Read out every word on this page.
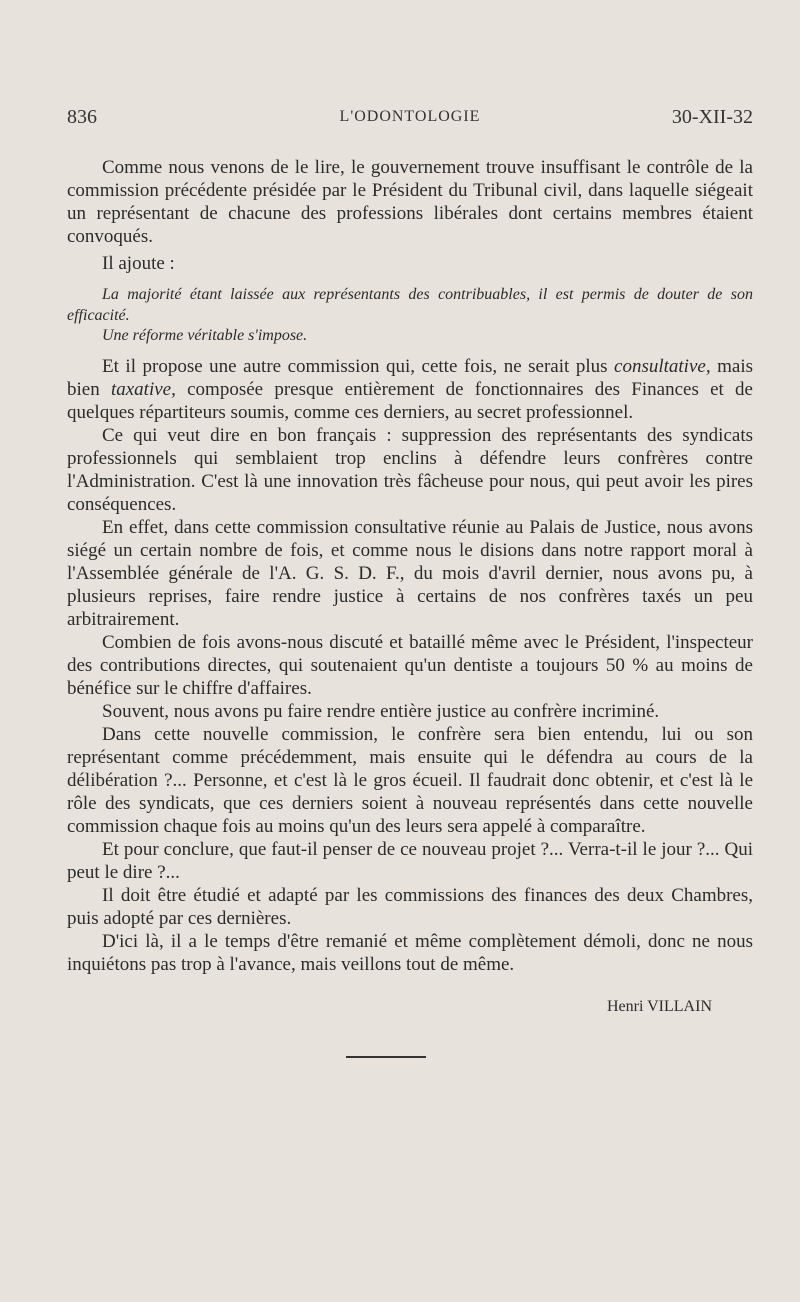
836	L'ODONTOLOGIE	30-XII-32

Comme nous venons de le lire, le gouvernement trouve insuffisant le contrôle de la commission précédente présidée par le Président du Tribunal civil, dans laquelle siégeait un représentant de chacune des professions libérales dont certains membres étaient convoqués.

Il ajoute :

La majorité étant laissée aux représentants des contribuables, il est permis de douter de son efficacité.

Une réforme véritable s'impose.

Et il propose une autre commission qui, cette fois, ne serait plus consultative, mais bien taxative, composée presque entièrement de fonctionnaires des Finances et de quelques répartiteurs soumis, comme ces derniers, au secret professionnel.

Ce qui veut dire en bon français : suppression des représentants des syndicats professionnels qui semblaient trop enclins à défendre leurs confrères contre l'Administration. C'est là une innovation très fâcheuse pour nous, qui peut avoir les pires conséquences.

En effet, dans cette commission consultative réunie au Palais de Justice, nous avons siégé un certain nombre de fois, et comme nous le disions dans notre rapport moral à l'Assemblée générale de l'A. G. S. D. F., du mois d'avril dernier, nous avons pu, à plusieurs reprises, faire rendre justice à certains de nos confrères taxés un peu arbitrairement.

Combien de fois avons-nous discuté et bataillé même avec le Président, l'inspecteur des contributions directes, qui soutenaient qu'un dentiste a toujours 50 % au moins de bénéfice sur le chiffre d'affaires.

Souvent, nous avons pu faire rendre entière justice au confrère incriminé.

Dans cette nouvelle commission, le confrère sera bien entendu, lui ou son représentant comme précédemment, mais ensuite qui le défendra au cours de la délibération ?... Personne, et c'est là le gros écueil. Il faudrait donc obtenir, et c'est là le rôle des syndicats, que ces derniers soient à nouveau représentés dans cette nouvelle commission chaque fois au moins qu'un des leurs sera appelé à comparaître.

Et pour conclure, que faut-il penser de ce nouveau projet ?... Verra-t-il le jour ?... Qui peut le dire ?...

Il doit être étudié et adapté par les commissions des finances des deux Chambres, puis adopté par ces dernières.

D'ici là, il a le temps d'être remanié et même complètement démoli, donc ne nous inquiétons pas trop à l'avance, mais veillons tout de même.

Henri VILLAIN
